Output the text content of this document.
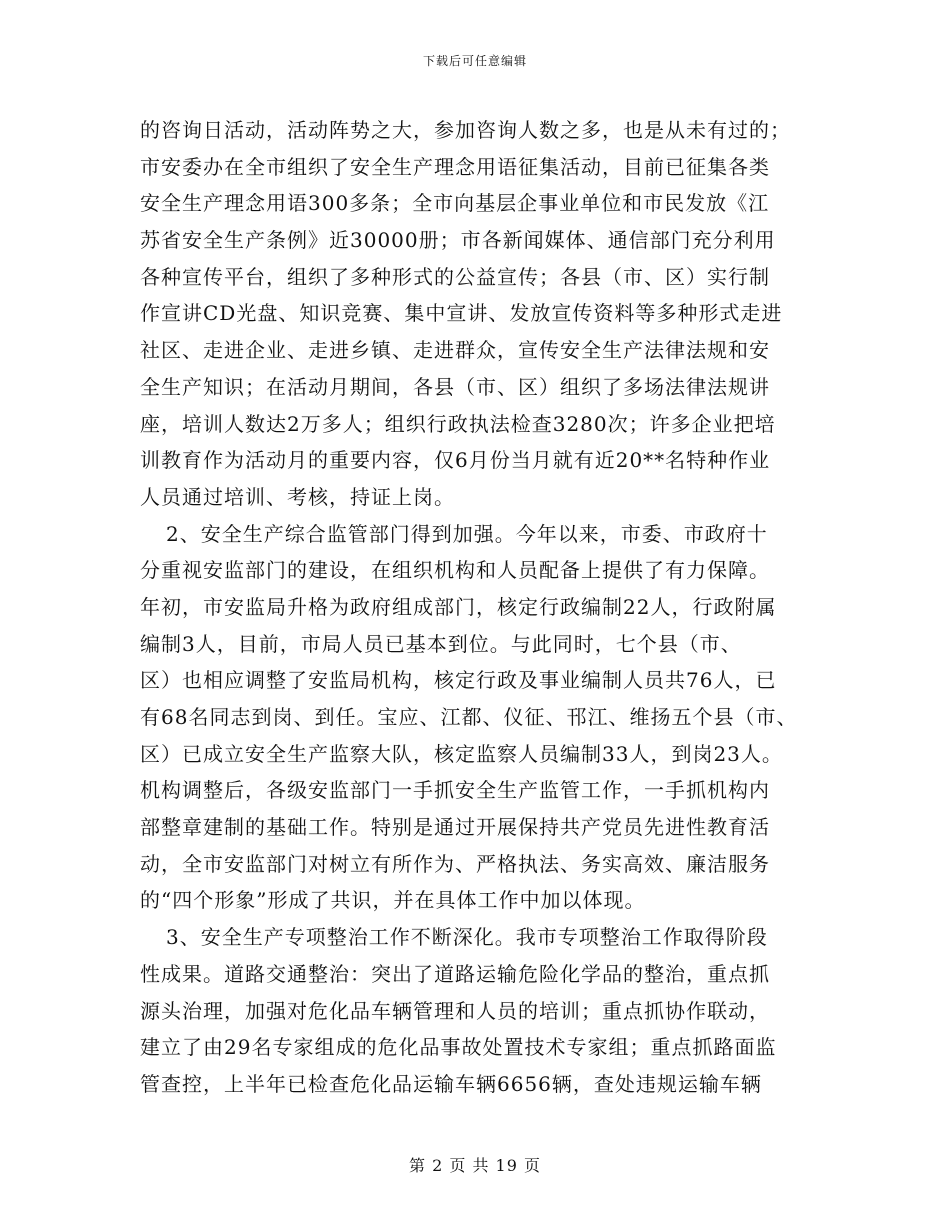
下载后可任意编辑
的咨询日活动，活动阵势之大，参加咨询人数之多，也是从未有过的；
市安委办在全市组织了安全生产理念用语征集活动，目前已征集各类
安全生产理念用语300多条；全市向基层企事业单位和市民发放《江
苏省安全生产条例》近30000册；市各新闻媒体、通信部门充分利用
各种宣传平台，组织了多种形式的公益宣传；各县（市、区）实行制
作宣讲CD光盘、知识竞赛、集中宣讲、发放宣传资料等多种形式走进
社区、走进企业、走进乡镇、走进群众，宣传安全生产法律法规和安
全生产知识；在活动月期间，各县（市、区）组织了多场法律法规讲
座，培训人数达2万多人；组织行政执法检查3280次；许多企业把培
训教育作为活动月的重要内容，仅6月份当月就有近20**名特种作业
人员通过培训、考核，持证上岗。
2、安全生产综合监管部门得到加强。今年以来，市委、市政府十
分重视安监部门的建设，在组织机构和人员配备上提供了有力保障。
年初，市安监局升格为政府组成部门，核定行政编制22人，行政附属
编制3人，目前，市局人员已基本到位。与此同时，七个县（市、
区）也相应调整了安监局机构，核定行政及事业编制人员共76人，已
有68名同志到岗、到任。宝应、江都、仪征、邗江、维扬五个县（市、
区）已成立安全生产监察大队，核定监察人员编制33人，到岗23人。
机构调整后，各级安监部门一手抓安全生产监管工作，一手抓机构内
部整章建制的基础工作。特别是通过开展保持共产党员先进性教育活
动，全市安监部门对树立有所作为、严格执法、务实高效、廉洁服务
的“四个形象”形成了共识，并在具体工作中加以体现。
3、安全生产专项整治工作不断深化。我市专项整治工作取得阶段
性成果。道路交通整治：突出了道路运输危险化学品的整治，重点抓
源头治理，加强对危化品车辆管理和人员的培训；重点抓协作联动，
建立了由29名专家组成的危化品事故处置技术专家组；重点抓路面监
管查控，上半年已检查危化品运输车辆6656辆，查处违规运输车辆
第 2 页 共 19 页
